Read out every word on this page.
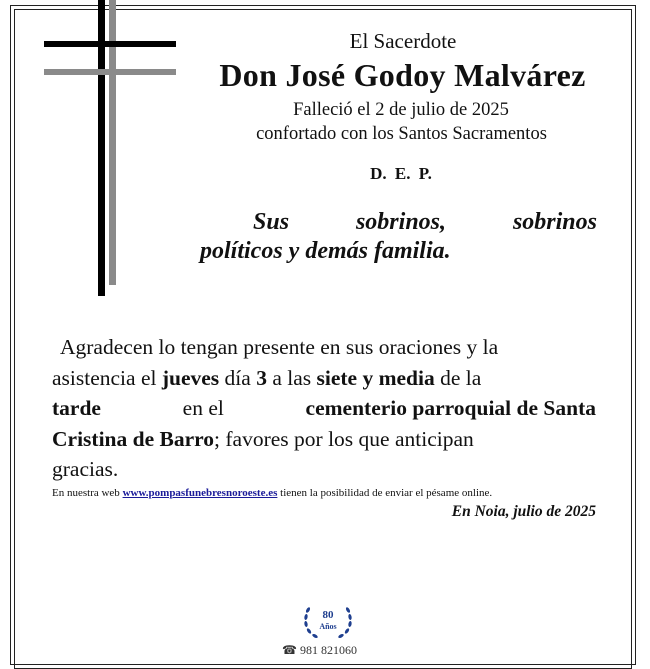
El Sacerdote
Don José Godoy Malvárez
Falleció el 2 de julio de 2025
confortado con los Santos Sacramentos
D. E. P.
Sus	sobrinos,	sobrinos
políticos y demás familia.
Agradecen lo tengan presente en sus oraciones y la
asistencia el jueves día 3 a las siete y media de la
tarde	en el	cementerio parroquial de Santa
Cristina de Barro; favores por los que anticipan
gracias.
En nuestra web www.pompasfunebresnoroeste.es tienen la posibilidad de enviar el pésame online.
En Noia, julio de 2025
80
Años
☎ 981 821060
